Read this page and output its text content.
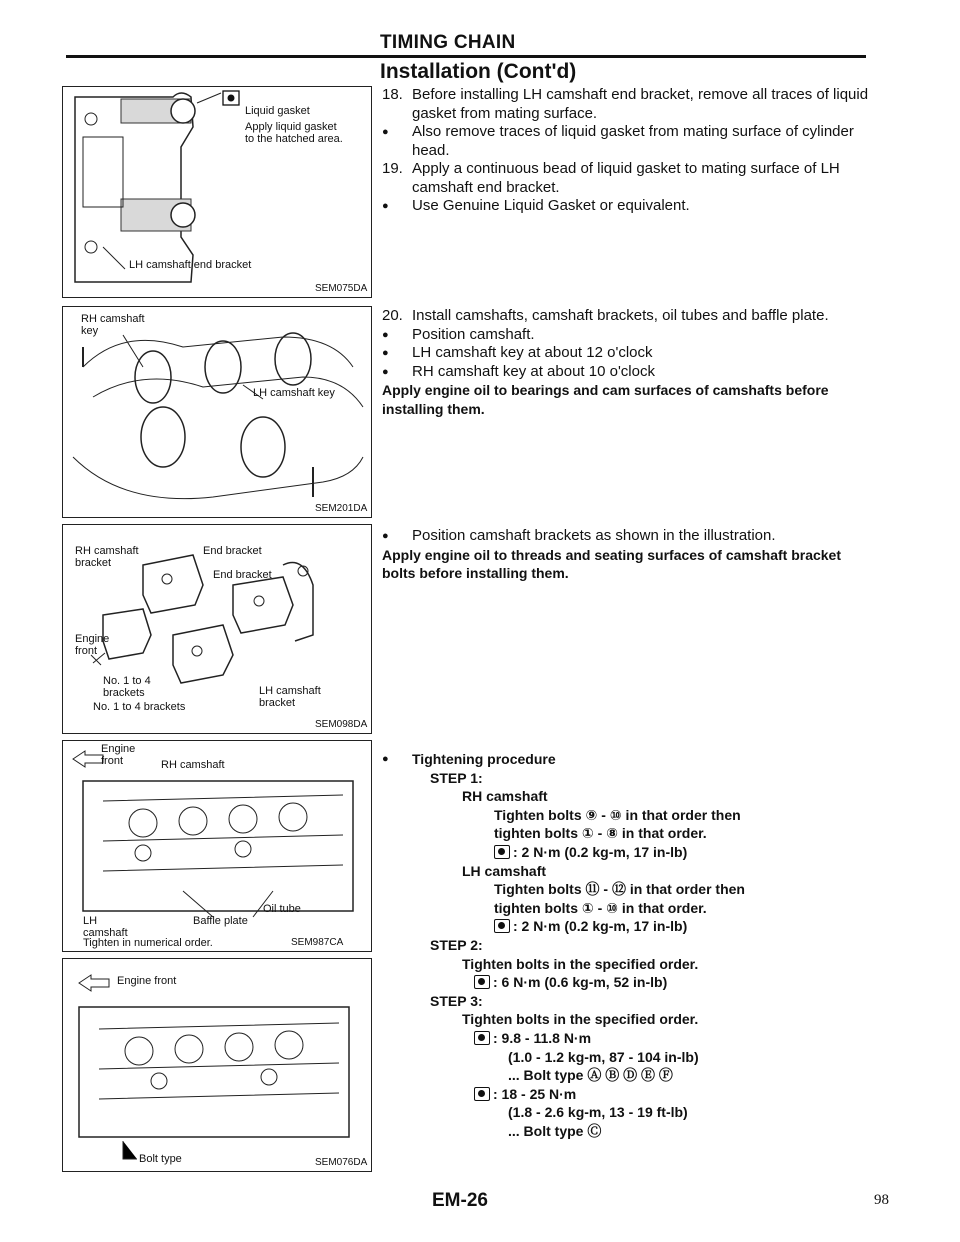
TIMING CHAIN
Installation (Cont'd)
Liquid gasket
Apply liquid gasket
to the hatched area.
LH camshaft end bracket
SEM075DA
RH camshaft
key
LH camshaft key
SEM201DA
RH camshaft
bracket
End bracket
End bracket
Engine
front
No. 1 to 4
brackets
No. 1 to 4 brackets
LH camshaft
bracket
SEM098DA
Engine
front	RH camshaft
Oil tube
LH
camshaft
Baffle plate
Tighten in numerical order.	SEM987CA
Engine front
Bolt type	SEM076DA

18. Before installing LH camshaft end bracket, remove all traces of liquid gasket from mating surface.

● Also remove traces of liquid gasket from mating surface of cylinder head.

19. Apply a continuous bead of liquid gasket to mating surface of LH camshaft end bracket.

● Use Genuine Liquid Gasket or equivalent.

20. Install camshafts, camshaft brackets, oil tubes and baffle plate.

● Position camshaft.

● LH camshaft key at about 12 o'clock

● RH camshaft key at about 10 o'clock

Apply engine oil to bearings and cam surfaces of camshafts before installing them.

● Position camshaft brackets as shown in the illustration.

Apply engine oil to threads and seating surfaces of camshaft bracket bolts before installing them.

● Tightening procedure

STEP 1:

RH camshaft

Tighten bolts ⑨ - ⑩ in that order then

tighten bolts ① - ⑧ in that order.

: 2 N·m (0.2 kg-m, 17 in-lb)

LH camshaft

Tighten bolts ⑪ - ⑫ in that order then

tighten bolts ① - ⑩ in that order.

: 2 N·m (0.2 kg-m, 17 in-lb)

STEP 2:

Tighten bolts in the specified order.

: 6 N·m (0.6 kg-m, 52 in-lb)

STEP 3:

Tighten bolts in the specified order.

: 9.8 - 11.8 N·m

(1.0 - 1.2 kg-m, 87 - 104 in-lb)

... Bolt type Ⓐ Ⓑ Ⓓ Ⓔ Ⓕ

: 18 - 25 N·m

(1.8 - 2.6 kg-m, 13 - 19 ft-lb)

... Bolt type Ⓒ

EM-26	98
